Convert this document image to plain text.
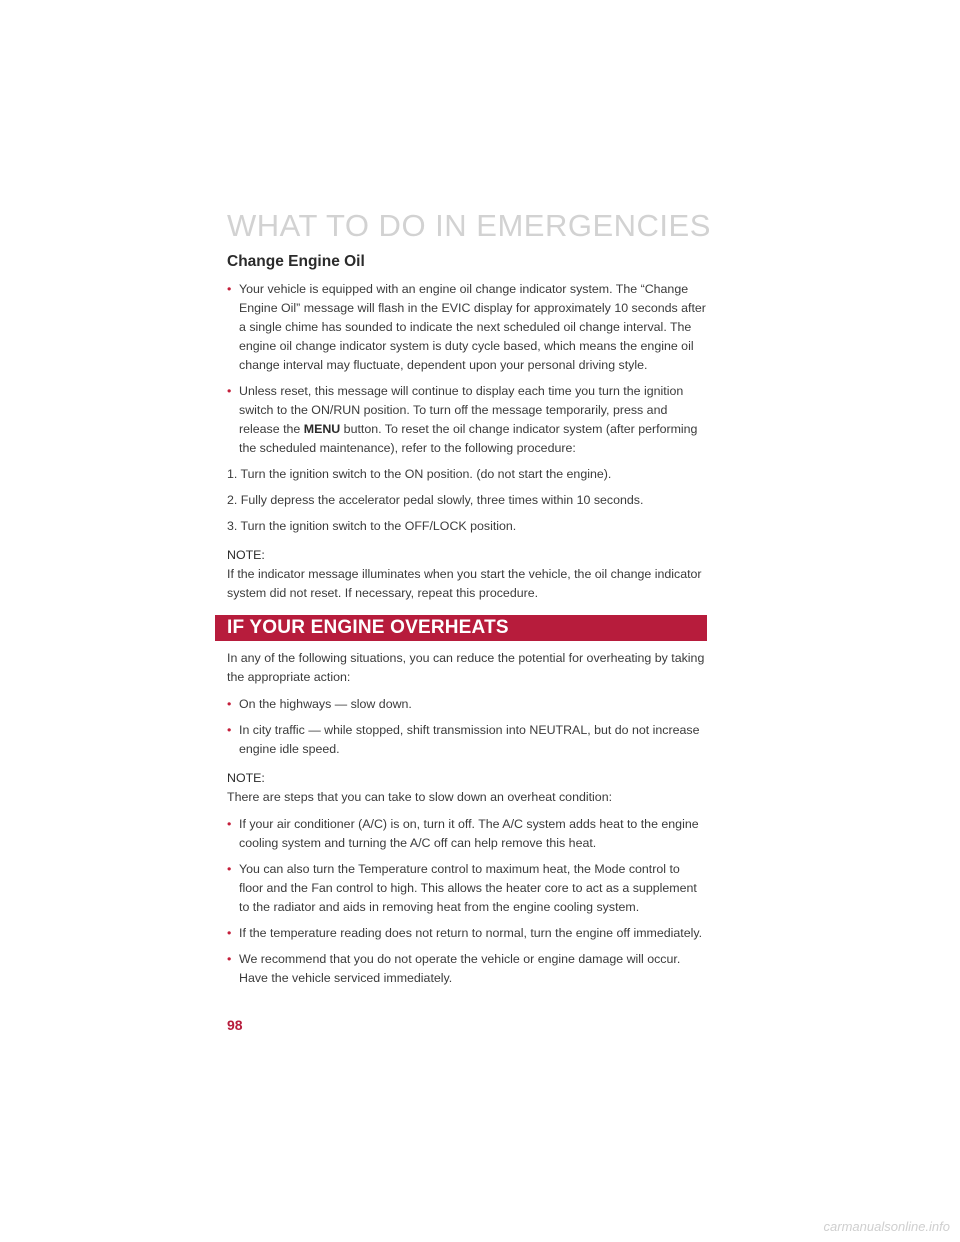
WHAT TO DO IN EMERGENCIES
Change Engine Oil
• Your vehicle is equipped with an engine oil change indicator system. The “Change Engine Oil” message will flash in the EVIC display for approximately 10 seconds after a single chime has sounded to indicate the next scheduled oil change interval. The engine oil change indicator system is duty cycle based, which means the engine oil change interval may fluctuate, dependent upon your personal driving style.
• Unless reset, this message will continue to display each time you turn the ignition switch to the ON/RUN position. To turn off the message temporarily, press and release the MENU button. To reset the oil change indicator system (after performing the scheduled maintenance), refer to the following procedure:
1. Turn the ignition switch to the ON position. (do not start the engine).
2. Fully depress the accelerator pedal slowly, three times within 10 seconds.
3. Turn the ignition switch to the OFF/LOCK position.
NOTE:
If the indicator message illuminates when you start the vehicle, the oil change indicator system did not reset. If necessary, repeat this procedure.
IF YOUR ENGINE OVERHEATS
In any of the following situations, you can reduce the potential for overheating by taking the appropriate action:
• On the highways — slow down.
• In city traffic — while stopped, shift transmission into NEUTRAL, but do not increase engine idle speed.
NOTE:
There are steps that you can take to slow down an overheat condition:
• If your air conditioner (A/C) is on, turn it off. The A/C system adds heat to the engine cooling system and turning the A/C off can help remove this heat.
• You can also turn the Temperature control to maximum heat, the Mode control to floor and the Fan control to high. This allows the heater core to act as a supplement to the radiator and aids in removing heat from the engine cooling system.
• If the temperature reading does not return to normal, turn the engine off immediately.
• We recommend that you do not operate the vehicle or engine damage will occur. Have the vehicle serviced immediately.
98
carmanualsonline.info
